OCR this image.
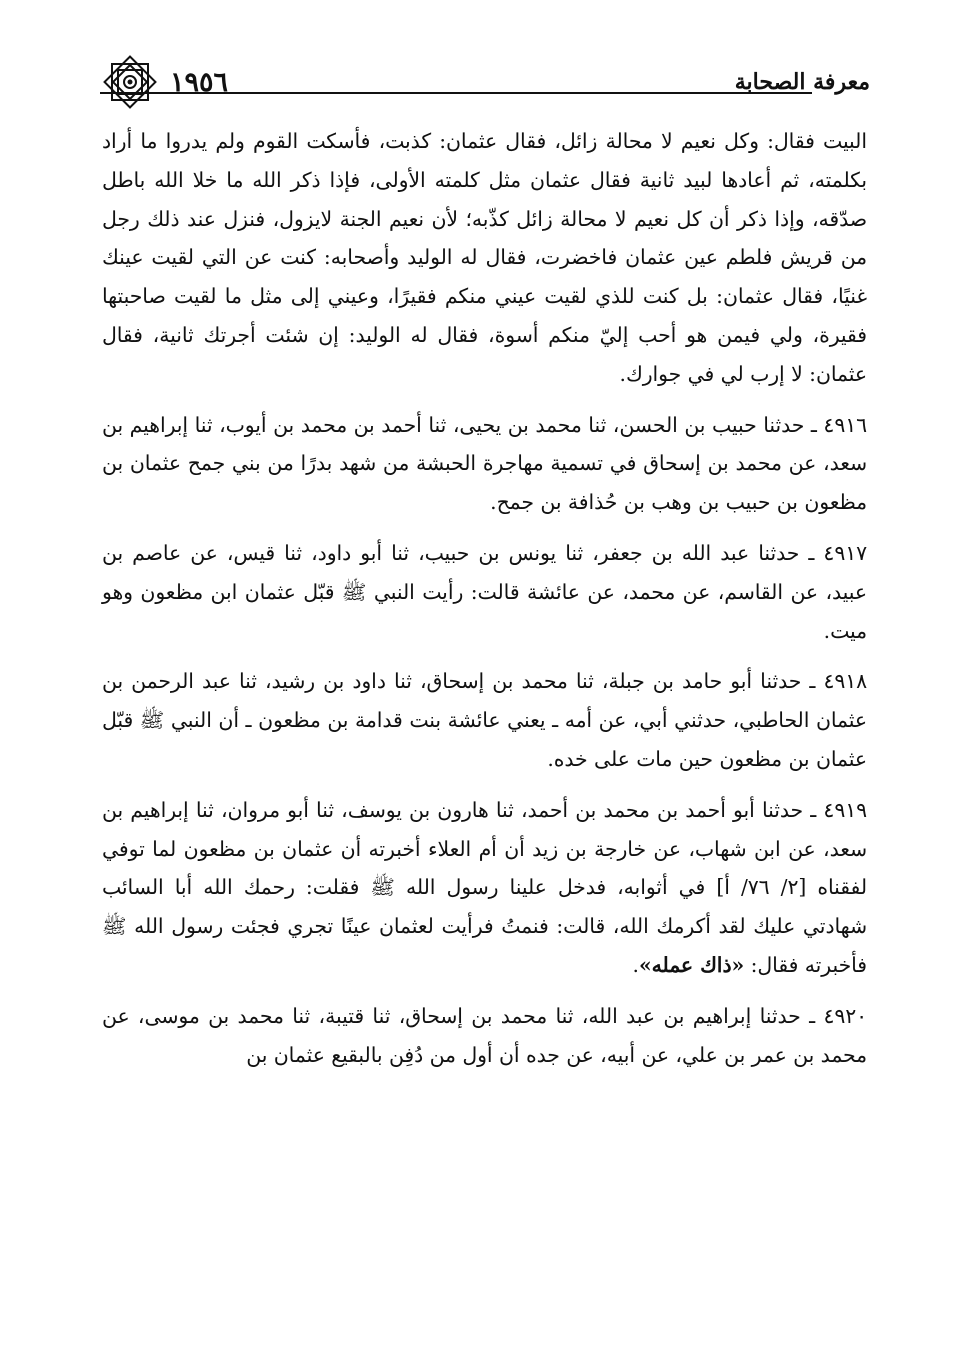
١٩٥٦	معرفة الصحابة

البيت فقال: وكل نعيم لا محالة زائل، فقال عثمان: كذبت، فأسكت القوم ولم يدروا ما أراد بكلمته، ثم أعادها لبيد ثانية فقال عثمان مثل كلمته الأولى، فإذا ذكر الله ما خلا الله باطل صدّقه، وإذا ذكر أن كل نعيم لا محالة زائل كذّبه؛ لأن نعيم الجنة لايزول، فنزل عند ذلك رجل من قريش فلطم عين عثمان فاخضرت، فقال له الوليد وأصحابه: كنت عن التي لقيت عينك غنيًا، فقال عثمان: بل كنت للذي لقيت عيني منكم فقيرًا، وعيني إلى مثل ما لقيت صاحبتها فقيرة، ولي فيمن هو أحب إليّ منكم أسوة، فقال له الوليد: إن شئت أجرتك ثانية، فقال عثمان: لا إرب لي في جوارك.

٤٩١٦ ـ حدثنا حبيب بن الحسن، ثنا محمد بن يحيى، ثنا أحمد بن محمد بن أيوب، ثنا إبراهيم بن سعد، عن محمد بن إسحاق في تسمية مهاجرة الحبشة من شهد بدرًا من بني جمح عثمان بن مظعون بن حبيب بن وهب بن حُذافة بن جمح.

٤٩١٧ ـ حدثنا عبد الله بن جعفر، ثنا يونس بن حبيب، ثنا أبو داود، ثنا قيس، عن عاصم بن عبيد، عن القاسم، عن محمد، عن عائشة قالت: رأيت النبي ﷺ قبّل عثمان ابن مظعون وهو ميت.

٤٩١٨ ـ حدثنا أبو حامد بن جبلة، ثنا محمد بن إسحاق، ثنا داود بن رشيد، ثنا عبد الرحمن بن عثمان الحاطبي، حدثني أبي، عن أمه ـ يعني عائشة بنت قدامة بن مظعون ـ أن النبي ﷺ قبّل عثمان بن مظعون حين مات على خده.

٤٩١٩ ـ حدثنا أبو أحمد بن محمد بن أحمد، ثنا هارون بن يوسف، ثنا أبو مروان، ثنا إبراهيم بن سعد، عن ابن شهاب، عن خارجة بن زيد أن أم العلاء أخبرته أن عثمان بن مظعون لما توفي لفقناه [٢/ ٧٦/ أ] في أثوابه، فدخل علينا رسول الله ﷺ فقلت: رحمك الله أبا السائب شهادتي عليك لقد أكرمك الله، قالت: فنمتُ فرأيت لعثمان عينًا تجري فجئت رسول الله ﷺ فأخبرته فقال: «ذاك عمله».

٤٩٢٠ ـ حدثنا إبراهيم بن عبد الله، ثنا محمد بن إسحاق، ثنا قتيبة، ثنا محمد بن موسى، عن محمد بن عمر بن علي، عن أبيه، عن جده أن أول من دُفِن بالبقيع عثمان بن
